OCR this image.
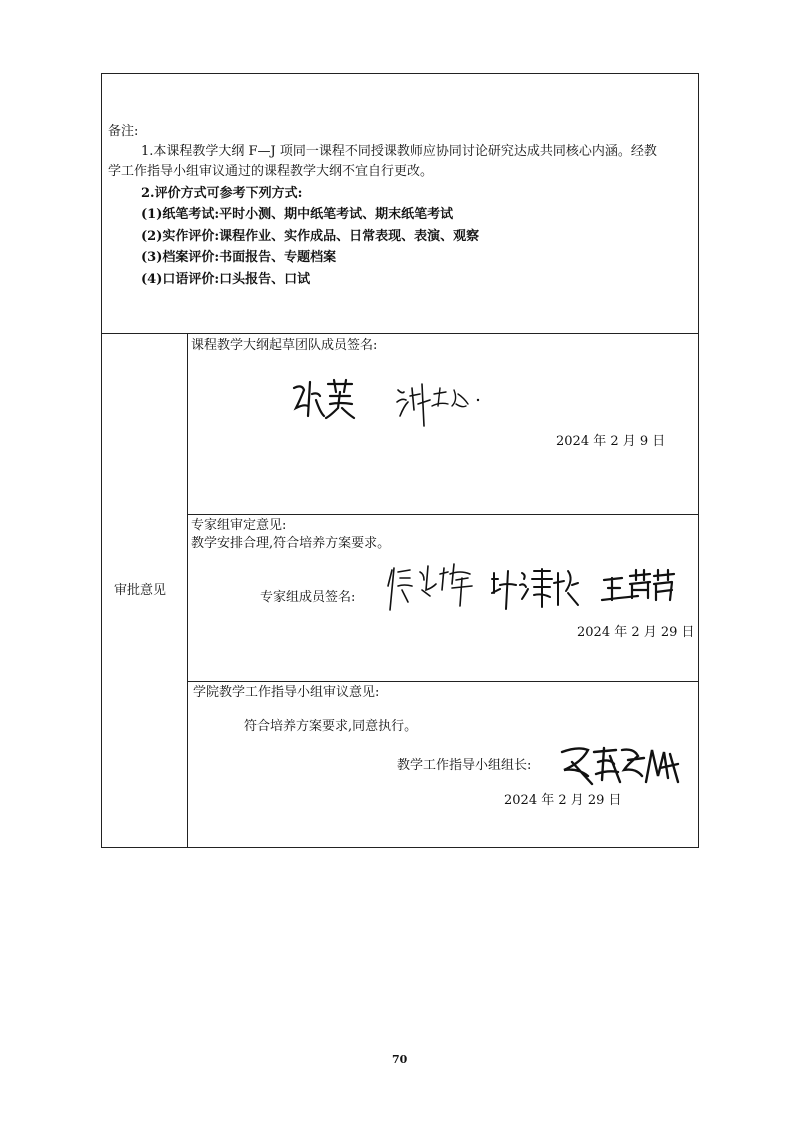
备注:
1.本课程教学大纲 F—J 项同一课程不同授课教师应协同讨论研究达成共同核心内涵。经教
学工作指导小组审议通过的课程教学大纲不宜自行更改。
2.评价方式可参考下列方式:
(1)纸笔考试:平时小测、期中纸笔考试、期末纸笔考试
(2)实作评价:课程作业、实作成品、日常表现、表演、观察
(3)档案评价:书面报告、专题档案
(4)口语评价:口头报告、口试
审批意见
课程教学大纲起草团队成员签名:
2024 年 2 月 9 日
专家组审定意见:
教学安排合理,符合培养方案要求。
专家组成员签名:
2024 年 2 月 29 日
学院教学工作指导小组审议意见:
符合培养方案要求,同意执行。
教学工作指导小组组长:
2024 年 2 月 29 日
70
